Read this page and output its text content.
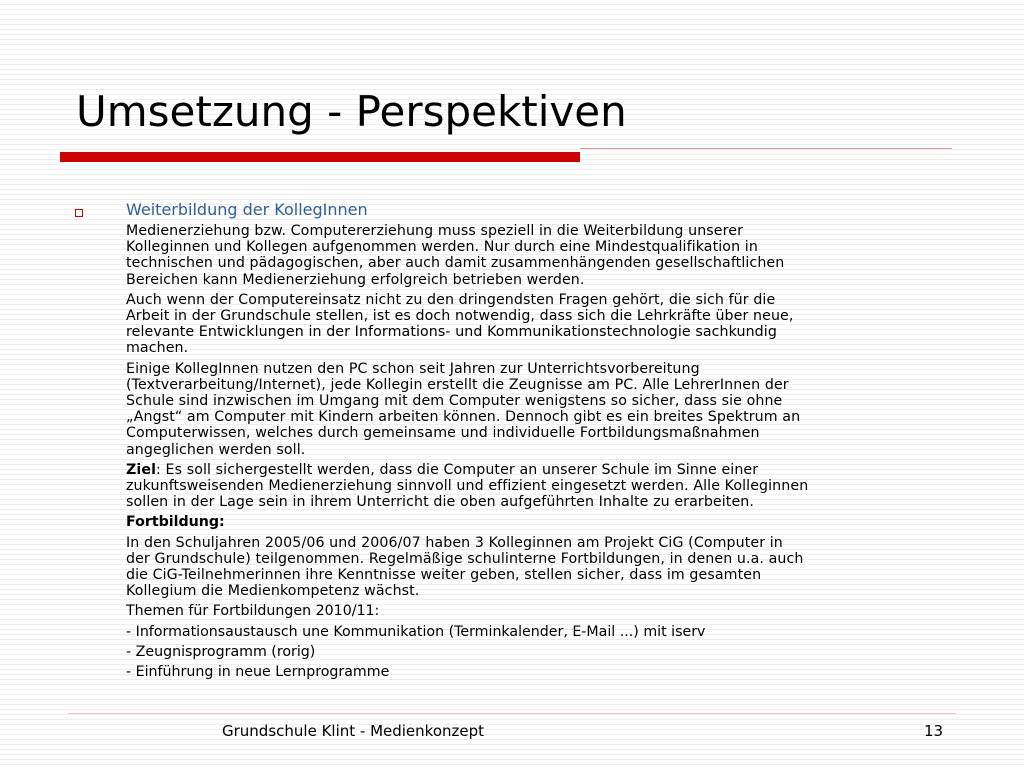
Umsetzung - Perspektiven

Weiterbildung der KollegInnen

Medienerziehung bzw. Computererziehung muss speziell in die Weiterbildung unserer
Kolleginnen und Kollegen aufgenommen werden. Nur durch eine Mindestqualifikation in
technischen und pädagogischen, aber auch damit zusammenhängenden gesellschaftlichen
Bereichen kann Medienerziehung erfolgreich betrieben werden.

Auch wenn der Computereinsatz nicht zu den dringendsten Fragen gehört, die sich für die
Arbeit in der Grundschule stellen, ist es doch notwendig, dass sich die Lehrkräfte über neue,
relevante Entwicklungen in der Informations- und Kommunikationstechnologie sachkundig
machen.

Einige KollegInnen nutzen den PC schon seit Jahren zur Unterrichtsvorbereitung
(Textverarbeitung/Internet), jede Kollegin erstellt die Zeugnisse am PC. Alle LehrerInnen der
Schule sind inzwischen im Umgang mit dem Computer wenigstens so sicher, dass sie ohne
„Angst“ am Computer mit Kindern arbeiten können. Dennoch gibt es ein breites Spektrum an
Computerwissen, welches durch gemeinsame und individuelle Fortbildungsmaßnahmen
angeglichen werden soll.

Ziel: Es soll sichergestellt werden, dass die Computer an unserer Schule im Sinne einer
zukunftsweisenden Medienerziehung sinnvoll und effizient eingesetzt werden. Alle Kolleginnen
sollen in der Lage sein in ihrem Unterricht die oben aufgeführten Inhalte zu erarbeiten.

Fortbildung:

In den Schuljahren 2005/06 und 2006/07 haben 3 Kolleginnen am Projekt CiG (Computer in
der Grundschule) teilgenommen. Regelmäßige schulinterne Fortbildungen, in denen u.a. auch
die CiG-Teilnehmerinnen ihre Kenntnisse weiter geben, stellen sicher, dass im gesamten
Kollegium die Medienkompetenz wächst.

Themen für Fortbildungen 2010/11:

- Informationsaustausch une Kommunikation (Terminkalender, E-Mail ...) mit iserv

- Zeugnisprogramm (rorig)

- Einführung in neue Lernprogramme

Grundschule Klint - Medienkonzept	13
